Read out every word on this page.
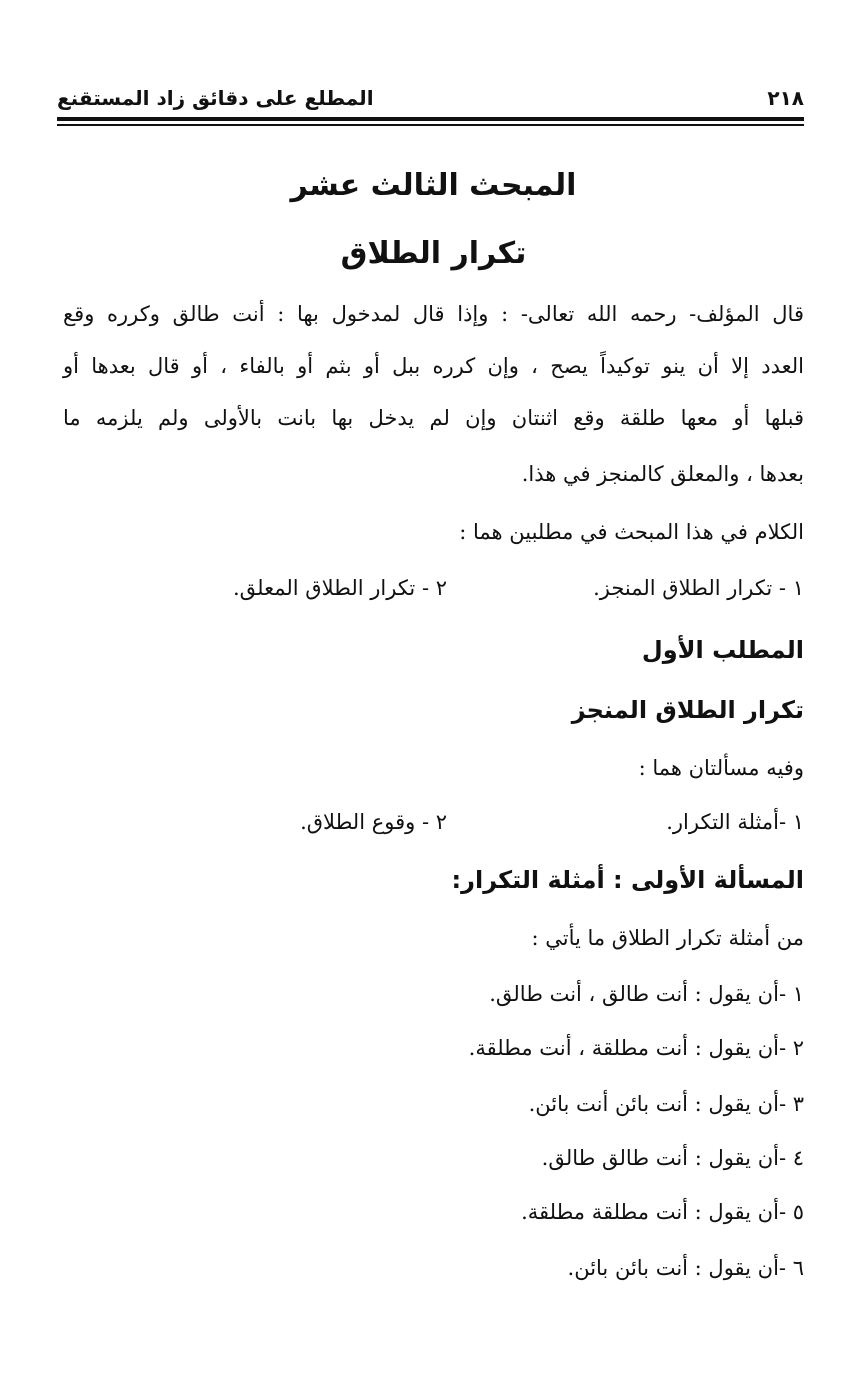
٢١٨
المطلع على دقائق زاد المستقنع
المبحث الثالث عشر
تكرار الطلاق
قال المؤلف- رحمه الله تعالى- : وإذا قال لمدخول بها : أنت طالق وكرره وقع
العدد إلا أن ينو توكيداً يصح ، وإن كرره ببل أو بثم أو بالفاء ، أو قال بعدها أو
قبلها أو معها طلقة وقع اثنتان وإن لم يدخل بها بانت بالأولى ولم يلزمه ما
بعدها ، والمعلق كالمنجز في هذا.
الكلام في هذا المبحث في مطلبين هما :
١ - تكرار الطلاق المنجز.
٢ - تكرار الطلاق المعلق.
المطلب الأول
تكرار الطلاق المنجز
وفيه مسألتان هما :
١ -أمثلة التكرار.
٢ - وقوع الطلاق.
المسألة الأولى : أمثلة التكرار:
من أمثلة تكرار الطلاق ما يأتي :
١ -أن يقول : أنت طالق ، أنت طالق.
٢ -أن يقول : أنت مطلقة ، أنت مطلقة.
٣ -أن يقول : أنت بائن أنت بائن.
٤ -أن يقول : أنت طالق طالق.
٥ -أن يقول : أنت مطلقة مطلقة.
٦ -أن يقول : أنت بائن بائن.
